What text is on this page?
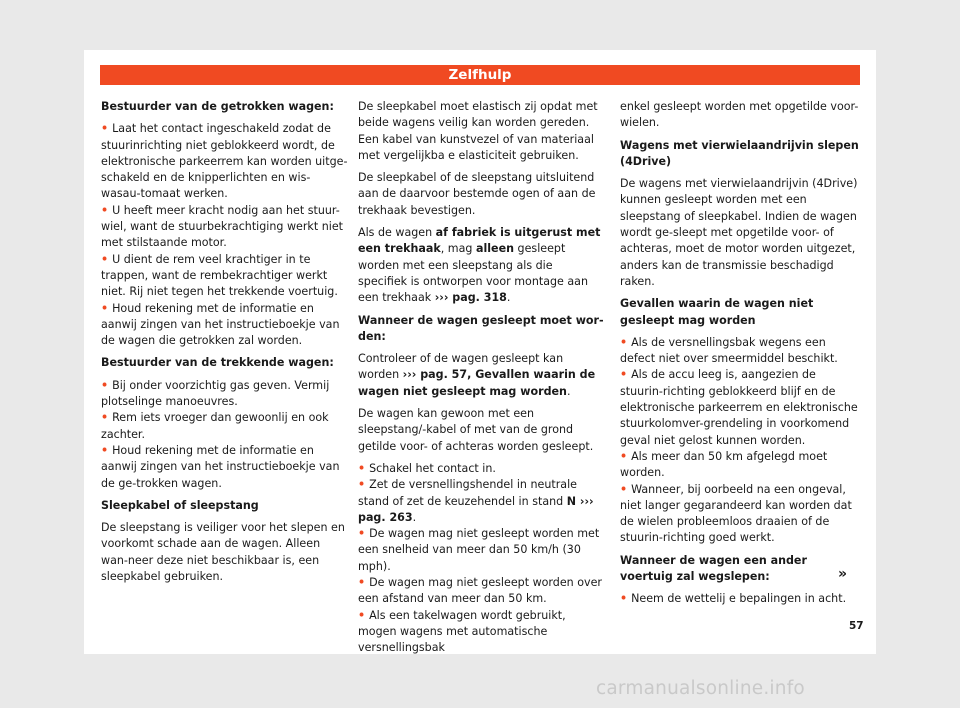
Zelfhulp

Bestuurder van de getrokken wagen:

• Laat het contact ingeschakeld zodat de stuurinrichting niet geblokkeerd wordt, de elektronische parkeerrem kan worden uitge-schakeld en de knipperlichten en wis-wasau-tomaat werken.

• U heeft meer kracht nodig aan het stuur-wiel, want de stuurbekrachtiging werkt niet met stilstaande motor.

• U dient de rem veel krachtiger in te trappen, want de rembekrachtiger werkt niet. Rij niet tegen het trekkende voertuig.

• Houd rekening met de informatie en aanwij zingen van het instructieboekje van de wagen die getrokken zal worden.

Bestuurder van de trekkende wagen:

• Bij onder voorzichtig gas geven. Vermij plotselinge manoeuvres.

• Rem iets vroeger dan gewoonlij en ook zachter.

• Houd rekening met de informatie en aanwij zingen van het instructieboekje van de ge-trokken wagen.

Sleepkabel of sleepstang

De sleepstang is veiliger voor het slepen en voorkomt schade aan de wagen. Alleen wan-neer deze niet beschikbaar is, een sleepkabel gebruiken.

De sleepkabel moet elastisch zij opdat met beide wagens veilig kan worden gereden. Een kabel van kunstvezel of van materiaal met vergelijkba e elasticiteit gebruiken.

De sleepkabel of de sleepstang uitsluitend aan de daarvoor bestemde ogen of aan de trekhaak bevestigen.

Als de wagen af fabriek is uitgerust met een trekhaak, mag alleen gesleept worden met een sleepstang als die specifiek is ontworpen voor montage aan een trekhaak ››› pag. 318.

Wanneer de wagen gesleept moet wor-den:

Controleer of de wagen gesleept kan worden ››› pag. 57, Gevallen waarin de wagen niet gesleept mag worden.

De wagen kan gewoon met een sleepstang/-kabel of met van de grond getilde voor- of achteras worden gesleept.

• Schakel het contact in.

• Zet de versnellingshendel in neutrale stand of zet de keuzehendel in stand N ››› pag. 263.

• De wagen mag niet gesleept worden met een snelheid van meer dan 50 km/h (30 mph).

• De wagen mag niet gesleept worden over een afstand van meer dan 50 km.

• Als een takelwagen wordt gebruikt, mogen wagens met automatische versnellingsbak

enkel gesleept worden met opgetilde voor-wielen.

Wagens met vierwielaandrijvin slepen (4Drive)

De wagens met vierwielaandrijvin (4Drive) kunnen gesleept worden met een sleepstang of sleepkabel. Indien de wagen wordt ge-sleept met opgetilde voor- of achteras, moet de motor worden uitgezet, anders kan de transmissie beschadigd raken.

Gevallen waarin de wagen niet gesleept mag worden

• Als de versnellingsbak wegens een defect niet over smeermiddel beschikt.

• Als de accu leeg is, aangezien de stuurin-richting geblokkeerd blijf en de elektronische parkeerrem en elektronische stuurkolomver-grendeling in voorkomend geval niet gelost kunnen worden.

• Als meer dan 50 km afgelegd moet worden.

• Wanneer, bij oorbeeld na een ongeval, niet langer gegarandeerd kan worden dat de wielen probleemloos draaien of de stuurin-richting goed werkt.

Wanneer de wagen een ander voertuig zal wegslepen:

• Neem de wettelij e bepalingen in acht.

»
57
carmanualsonline.info
